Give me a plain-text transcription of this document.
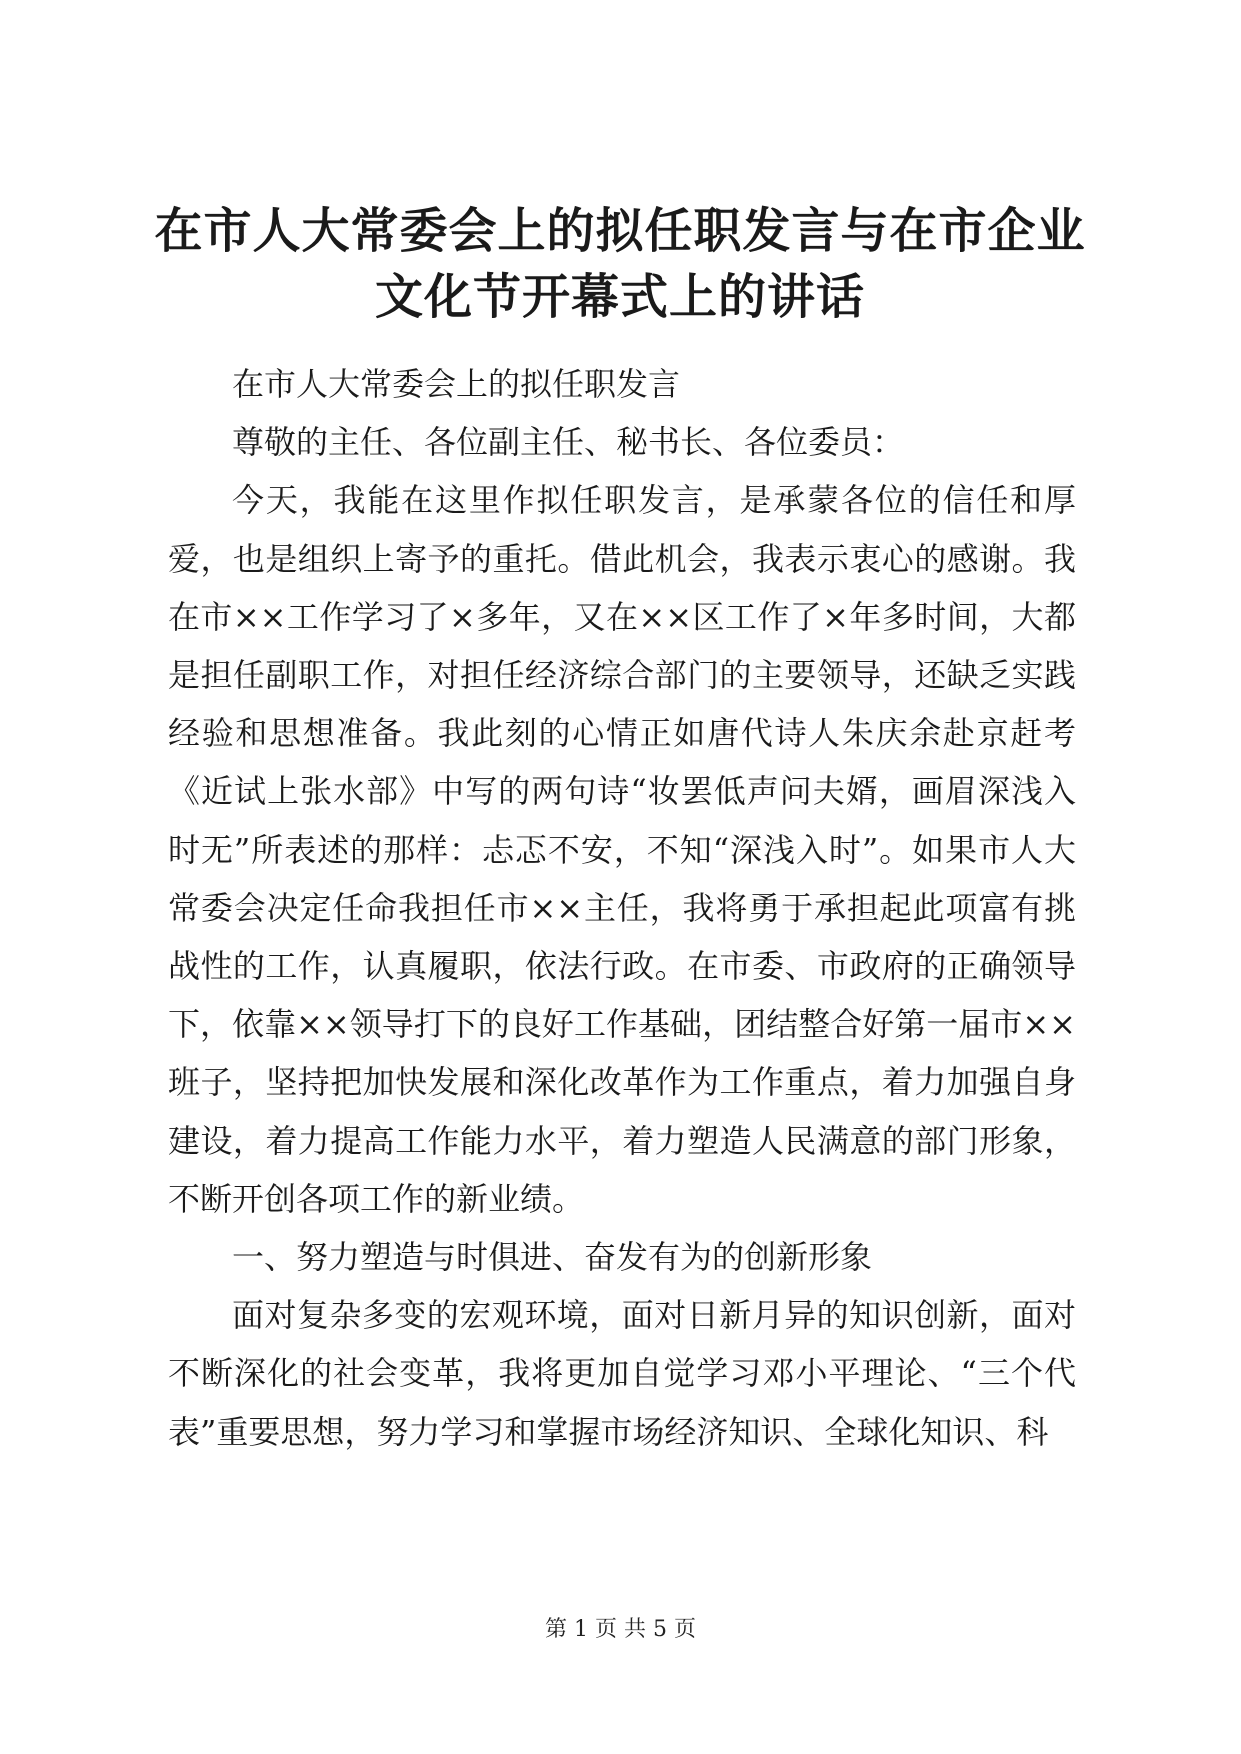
在市人大常委会上的拟任职发言与在市企业文化节开幕式上的讲话

在市人大常委会上的拟任职发言

尊敬的主任、各位副主任、秘书长、各位委员：

今天，我能在这里作拟任职发言，是承蒙各位的信任和厚爱，也是组织上寄予的重托。借此机会，我表示衷心的感谢。我在市××工作学习了×多年，又在××区工作了×年多时间，大都是担任副职工作，对担任经济综合部门的主要领导，还缺乏实践经验和思想准备。我此刻的心情正如唐代诗人朱庆余赴京赶考《近试上张水部》中写的两句诗“妆罢低声问夫婿，画眉深浅入时无”所表述的那样：忐忑不安，不知“深浅入时”。如果市人大常委会决定任命我担任市××主任，我将勇于承担起此项富有挑战性的工作，认真履职，依法行政。在市委、市政府的正确领导下，依靠××领导打下的良好工作基础，团结整合好第一届市××班子，坚持把加快发展和深化改革作为工作重点，着力加强自身建设，着力提高工作能力水平，着力塑造人民满意的部门形象，不断开创各项工作的新业绩。

一、努力塑造与时俱进、奋发有为的创新形象

面对复杂多变的宏观环境，面对日新月异的知识创新，面对不断深化的社会变革，我将更加自觉学习邓小平理论、“三个代表”重要思想，努力学习和掌握市场经济知识、全球化知识、科

第 1 页 共 5 页
